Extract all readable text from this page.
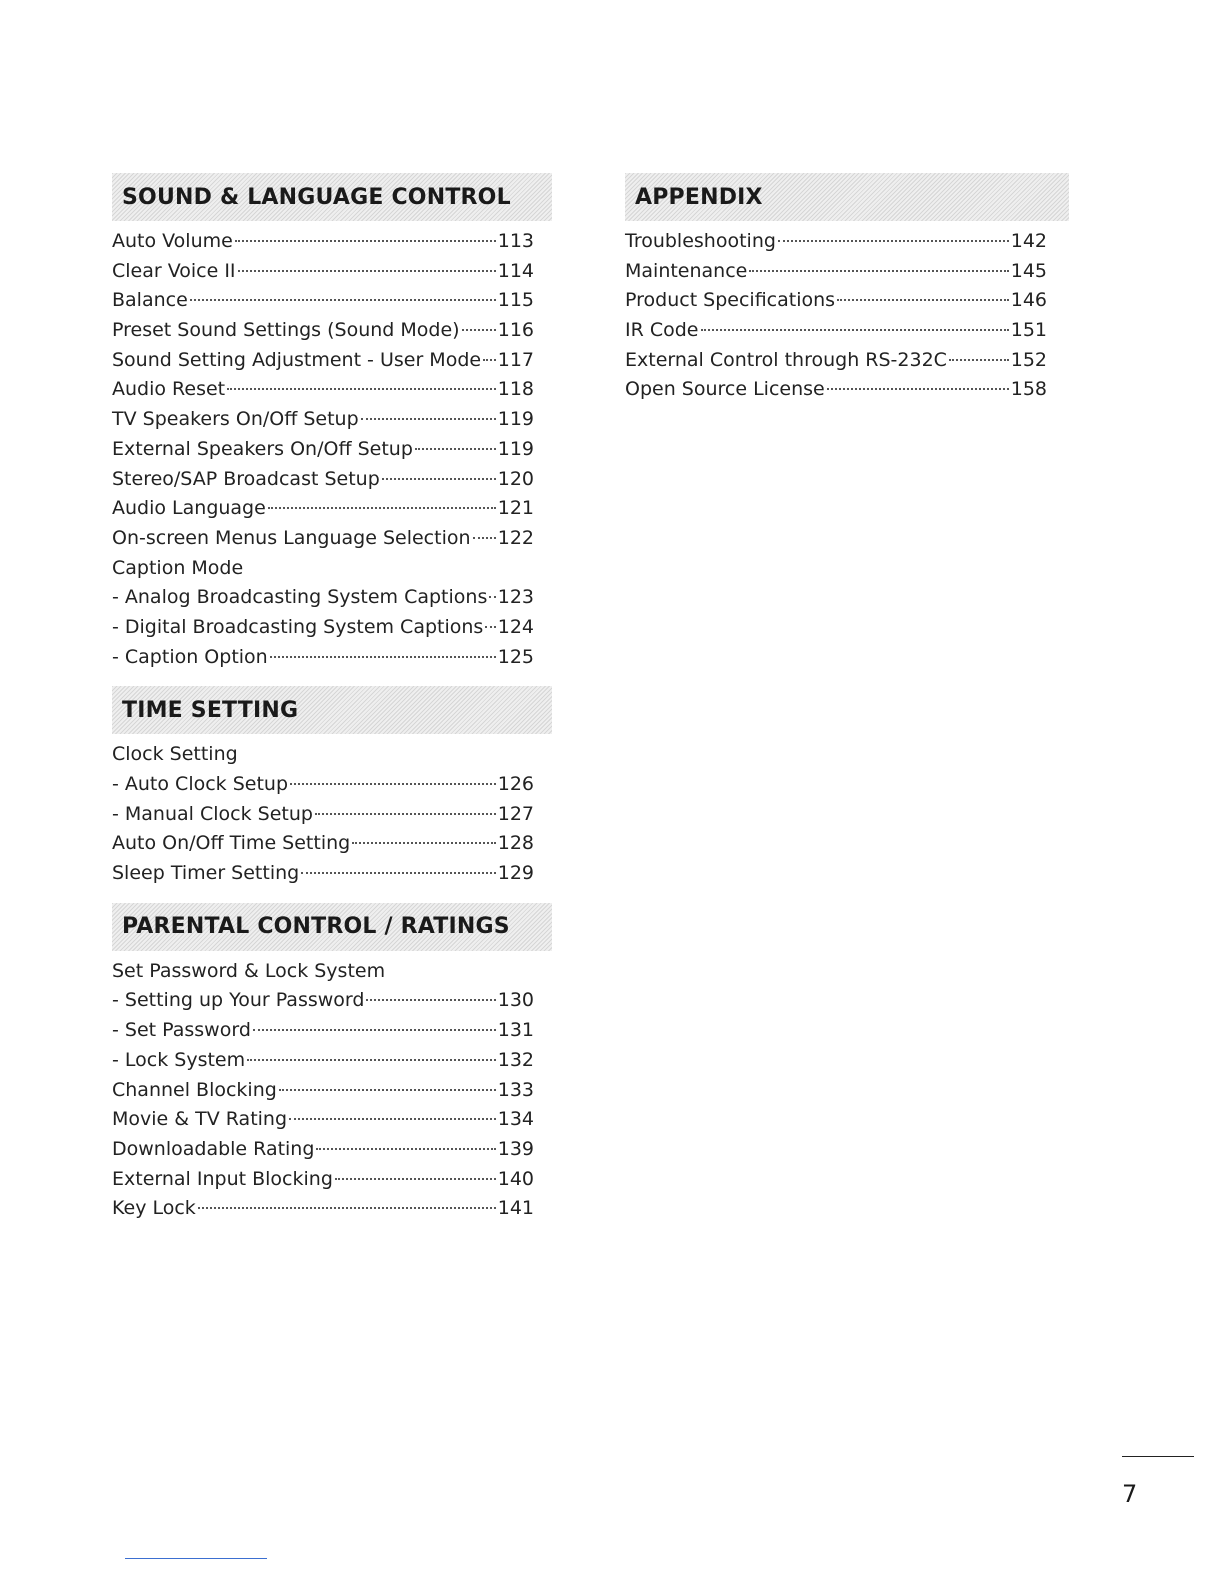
SOUND & LANGUAGE CONTROL
Auto Volume	113
Clear Voice II	114
Balance	115
Preset Sound Settings (Sound Mode) 116
Sound Setting Adjustment - User Mode 117
Audio Reset	118
TV Speakers On/Off Setup	119
External Speakers On/Off Setup	119
Stereo/SAP Broadcast Setup	120
Audio Language	121
On-screen Menus Language Selection 122
Caption Mode
- Analog Broadcasting System Captions 123
- Digital Broadcasting System Captions 124
- Caption Option	125
TIME SETTING
Clock Setting
- Auto Clock Setup	126
- Manual Clock Setup	127
Auto On/Off Time Setting	128
Sleep Timer Setting	129
PARENTAL CONTROL / RATINGS
Set Password & Lock System
- Setting up Your Password	130
- Set Password	131
- Lock System	132
Channel Blocking	133
Movie & TV Rating	134
Downloadable Rating	139
External Input Blocking	140
Key Lock	141
APPENDIX
Troubleshooting	142
Maintenance	145
Product Specifications	146
IR Code	151
External Control through RS-232C	152
Open Source License	158
7
